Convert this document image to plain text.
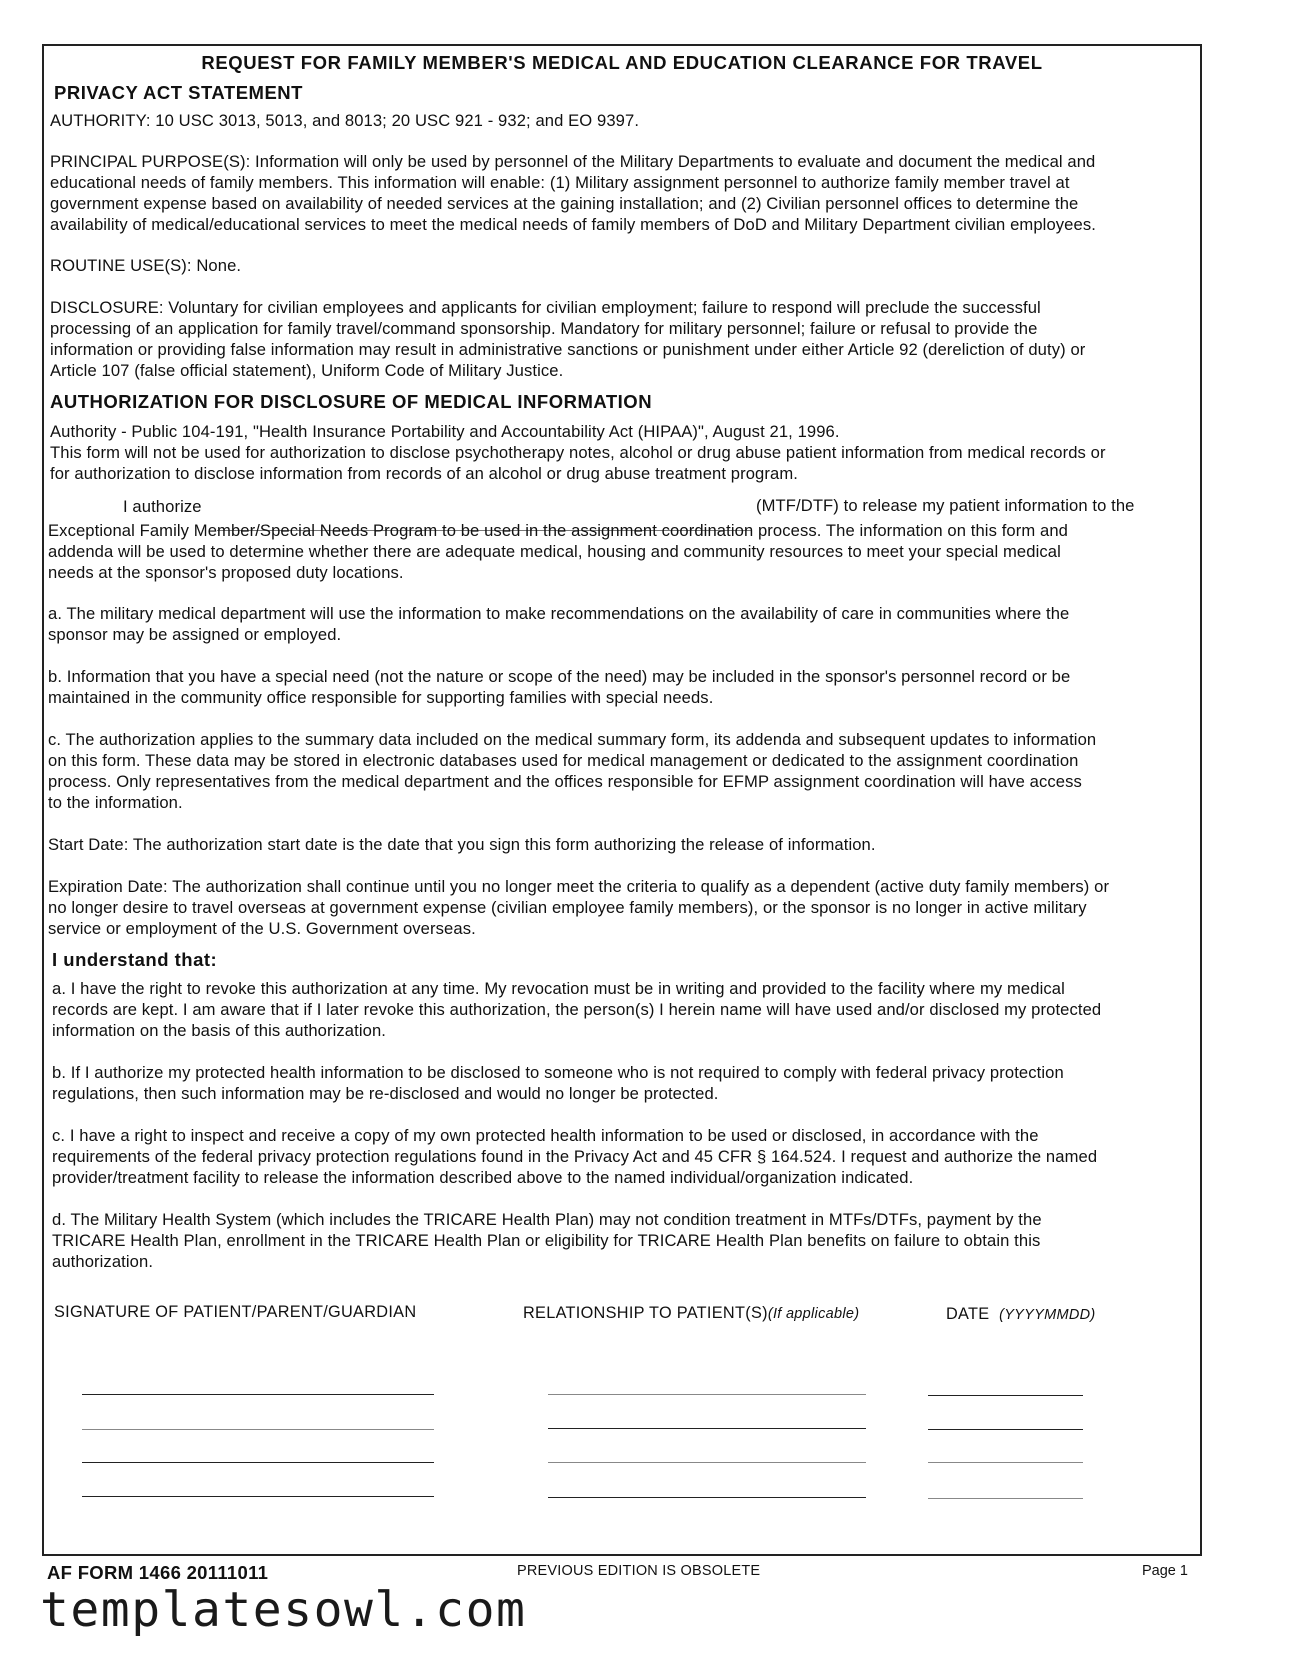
REQUEST FOR FAMILY MEMBER'S MEDICAL AND EDUCATION CLEARANCE FOR TRAVEL

PRIVACY ACT STATEMENT

AUTHORITY: 10 USC 3013, 5013, and 8013; 20 USC 921 - 932; and EO 9397.

PRINCIPAL PURPOSE(S): Information will only be used by personnel of the Military Departments to evaluate and document the medical and

educational needs of family members. This information will enable: (1) Military assignment personnel to authorize family member travel at

government expense based on availability of needed services at the gaining installation; and (2) Civilian personnel offices to determine the

availability of medical/educational services to meet the medical needs of family members of DoD and Military Department civilian employees.

ROUTINE USE(S): None.

DISCLOSURE: Voluntary for civilian employees and applicants for civilian employment; failure to respond will preclude the successful

processing of an application for family travel/command sponsorship. Mandatory for military personnel; failure or refusal to provide the

information or providing false information may result in administrative sanctions or punishment under either Article 92 (dereliction of duty) or

Article 107 (false official statement), Uniform Code of Military Justice.

AUTHORIZATION FOR DISCLOSURE OF MEDICAL INFORMATION

Authority - Public 104-191, "Health Insurance Portability and Accountability Act (HIPAA)", August 21, 1996.

This form will not be used for authorization to disclose psychotherapy notes, alcohol or drug abuse patient information from medical records or

for authorization to disclose information from records of an alcohol or drug abuse treatment program.

I authorize	(MTF/DTF) to release my patient information to the

Exceptional Family Member/Special Needs Program to be used in the assignment coordination process. The information on this form and

addenda will be used to determine whether there are adequate medical, housing and community resources to meet your special medical

needs at the sponsor's proposed duty locations.

a. The military medical department will use the information to make recommendations on the availability of care in communities where the

sponsor may be assigned or employed.

b. Information that you have a special need (not the nature or scope of the need) may be included in the sponsor's personnel record or be

maintained in the community office responsible for supporting families with special needs.

c. The authorization applies to the summary data included on the medical summary form, its addenda and subsequent updates to information

on this form. These data may be stored in electronic databases used for medical management or dedicated to the assignment coordination

process. Only representatives from the medical department and the offices responsible for EFMP assignment coordination will have access

to the information.

Start Date: The authorization start date is the date that you sign this form authorizing the release of information.

Expiration Date: The authorization shall continue until you no longer meet the criteria to qualify as a dependent (active duty family members) or

no longer desire to travel overseas at government expense (civilian employee family members), or the sponsor is no longer in active military

service or employment of the U.S. Government overseas.

I understand that:

a. I have the right to revoke this authorization at any time. My revocation must be in writing and provided to the facility where my medical

records are kept. I am aware that if I later revoke this authorization, the person(s) I herein name will have used and/or disclosed my protected

information on the basis of this authorization.

b. If I authorize my protected health information to be disclosed to someone who is not required to comply with federal privacy protection

regulations, then such information may be re-disclosed and would no longer be protected.

c. I have a right to inspect and receive a copy of my own protected health information to be used or disclosed, in accordance with the

requirements of the federal privacy protection regulations found in the Privacy Act and 45 CFR § 164.524. I request and authorize the named

provider/treatment facility to release the information described above to the named individual/organization indicated.

d. The Military Health System (which includes the TRICARE Health Plan) may not condition treatment in MTFs/DTFs, payment by the

TRICARE Health Plan, enrollment in the TRICARE Health Plan or eligibility for TRICARE Health Plan benefits on failure to obtain this

authorization.

SIGNATURE OF PATIENT/PARENT/GUARDIAN	RELATIONSHIP TO PATIENT(S)(If applicable)	DATE (YYYYMMDD)

AF FORM 1466 20111011	PREVIOUS EDITION IS OBSOLETE	Page 1

templatesowl.com
